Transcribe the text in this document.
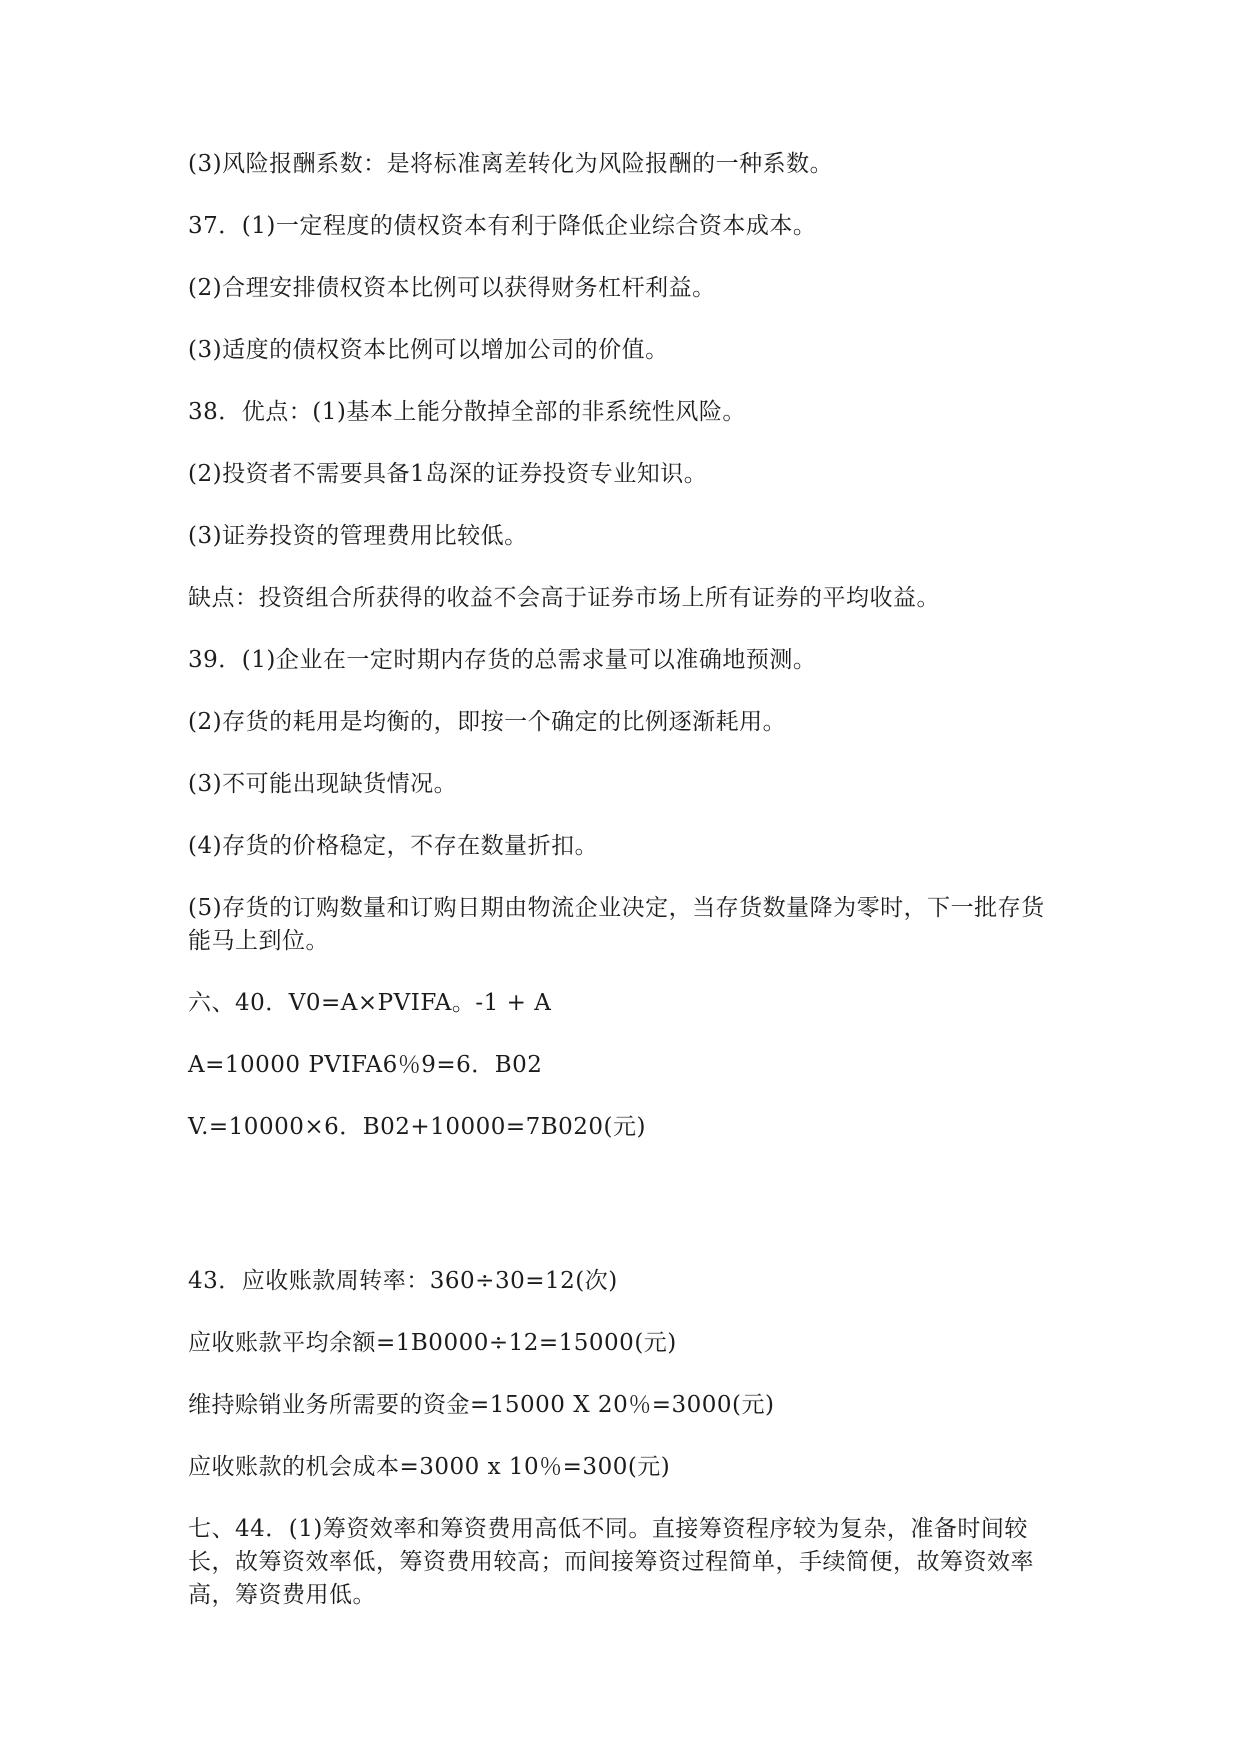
(3)风险报酬系数：是将标准离差转化为风险报酬的一种系数。

37．(1)一定程度的债权资本有利于降低企业综合资本成本。

(2)合理安排债权资本比例可以获得财务杠杆利益。

(3)适度的债权资本比例可以增加公司的价值。

38．优点：(1)基本上能分散掉全部的非系统性风险。

(2)投资者不需要具备1岛深的证券投资专业知识。

(3)证券投资的管理费用比较低。

缺点：投资组合所获得的收益不会高于证券市场上所有证券的平均收益。

39．(1)企业在一定时期内存货的总需求量可以准确地预测。

(2)存货的耗用是均衡的，即按一个确定的比例逐渐耗用。

(3)不可能出现缺货情况。

(4)存货的价格稳定，不存在数量折扣。

(5)存货的订购数量和订购日期由物流企业决定，当存货数量降为零时，下一批存货能马上到位。

六、40．V0=A×PVIFA。-1 + A

A=10000 PVIFA6％9=6．B02

V.=10000×6．B02+10000=7B020(元)

43．应收账款周转率：360÷30=12(次)

应收账款平均余额=1B0000÷12=15000(元)

维持赊销业务所需要的资金=15000 X 20％=3000(元)

应收账款的机会成本=3000 x 10％=300(元)

七、44．(1)筹资效率和筹资费用高低不同。直接筹资程序较为复杂，准备时间较长，故筹资效率低，筹资费用较高；而间接筹资过程简单，手续简便，故筹资效率高，筹资费用低。
